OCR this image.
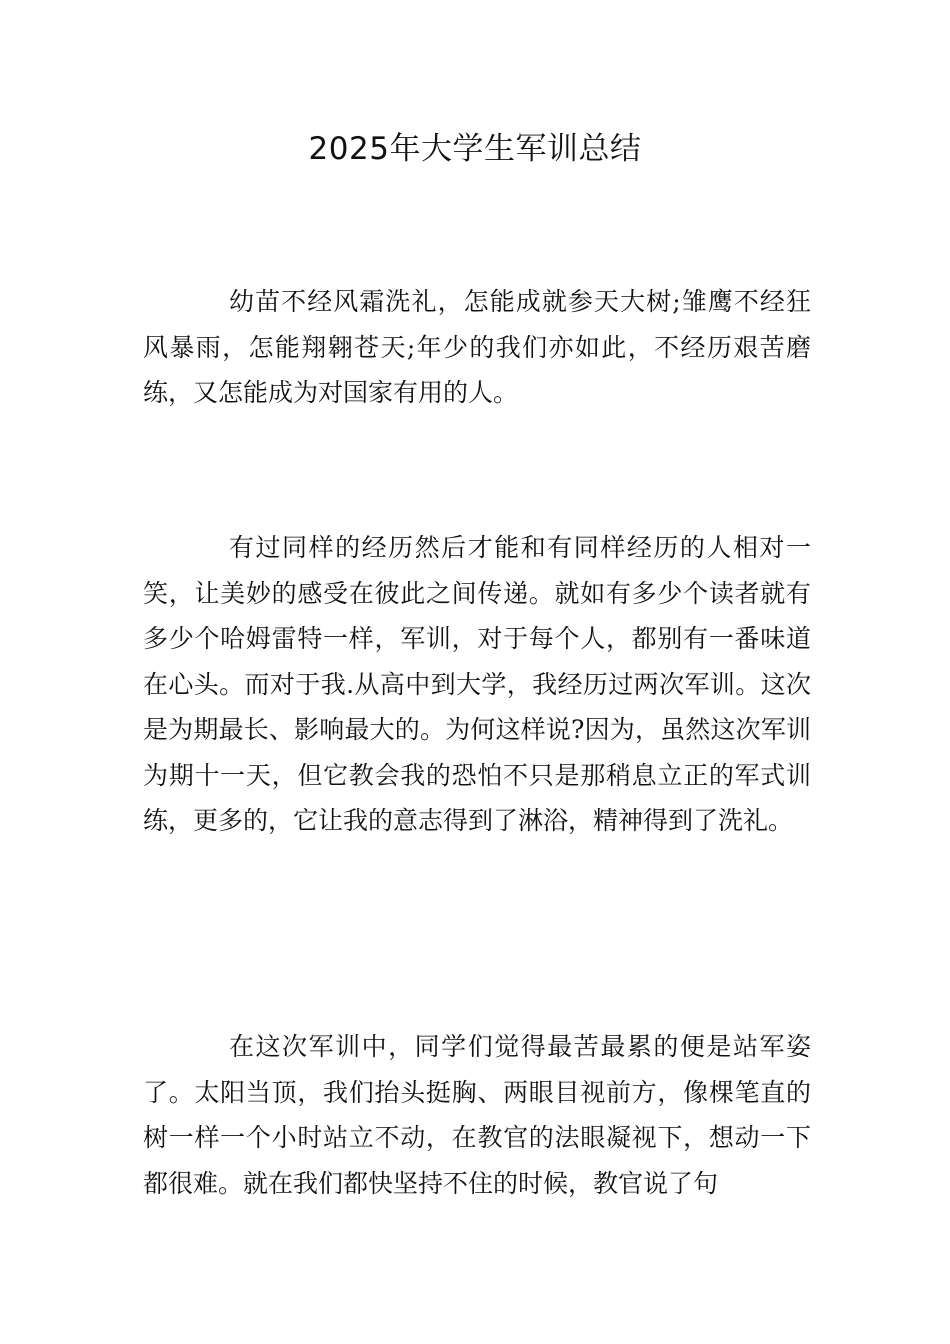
2025年大学生军训总结

幼苗不经风霜洗礼，怎能成就参天大树;雏鹰不经狂风暴雨，怎能翔翱苍天;年少的我们亦如此，不经历艰苦磨练，又怎能成为对国家有用的人。

有过同样的经历然后才能和有同样经历的人相对一笑，让美妙的感受在彼此之间传递。就如有多少个读者就有多少个哈姆雷特一样，军训，对于每个人，都别有一番味道在心头。而对于我.从高中到大学，我经历过两次军训。这次是为期最长、影响最大的。为何这样说?因为，虽然这次军训为期十一天，但它教会我的恐怕不只是那稍息立正的军式训练，更多的，它让我的意志得到了淋浴，精神得到了洗礼。

在这次军训中，同学们觉得最苦最累的便是站军姿了。太阳当顶，我们抬头挺胸、两眼目视前方，像棵笔直的树一样一个小时站立不动，在教官的法眼凝视下，想动一下都很难。就在我们都快坚持不住的时候，教官说了句
